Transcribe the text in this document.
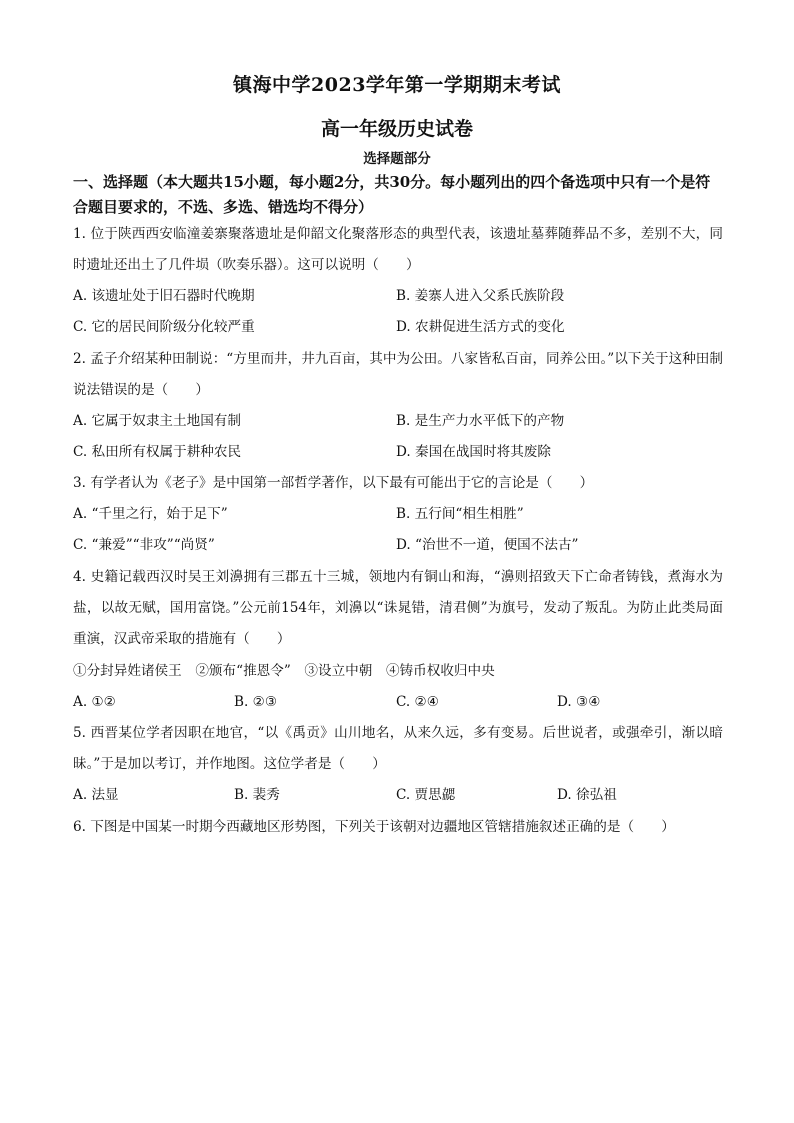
镇海中学2023学年第一学期期末考试
高一年级历史试卷
选择题部分
一、选择题（本大题共15小题，每小题2分，共30分。每小题列出的四个备选项中只有一个是符合题目要求的，不选、多选、错选均不得分）
1. 位于陕西西安临潼姜寨聚落遗址是仰韶文化聚落形态的典型代表，该遗址墓葬随葬品不多，差别不大，同时遗址还出土了几件埙（吹奏乐器）。这可以说明（　　）
A. 该遗址处于旧石器时代晚期	B. 姜寨人进入父系氏族阶段
C. 它的居民间阶级分化较严重	D. 农耕促进生活方式的变化
2. 孟子介绍某种田制说：“方里而井，井九百亩，其中为公田。八家皆私百亩，同养公田。”以下关于这种田制说法错误的是（　　）
A. 它属于奴隶主土地国有制	B. 是生产力水平低下的产物
C. 私田所有权属于耕种农民	D. 秦国在战国时将其废除
3. 有学者认为《老子》是中国第一部哲学著作，以下最有可能出于它的言论是（　　）
A. “千里之行，始于足下”	B. 五行间“相生相胜”
C. “兼爱”“非攻”“尚贤”	D. “治世不一道，便国不法古”
4. 史籍记载西汉时吴王刘濞拥有三郡五十三城，领地内有铜山和海，“濞则招致天下亡命者铸钱，煮海水为盐，以故无赋，国用富饶。”公元前154年，刘濞以“诛晁错，清君侧”为旗号，发动了叛乱。为防止此类局面重演，汉武帝采取的措施有（　　）
①分封异姓诸侯王　②颁布“推恩令”　③设立中朝　④铸币权收归中央
A. ①②	B. ②③	C. ②④	D. ③④
5. 西晋某位学者因职在地官，“以《禹贡》山川地名，从来久远，多有变易。后世说者，或强牵引，渐以暗昧。”于是加以考订，并作地图。这位学者是（　　）
A. 法显	B. 裴秀	C. 贾思勰	D. 徐弘祖
6. 下图是中国某一时期今西藏地区形势图，下列关于该朝对边疆地区管辖措施叙述正确的是（　　）
